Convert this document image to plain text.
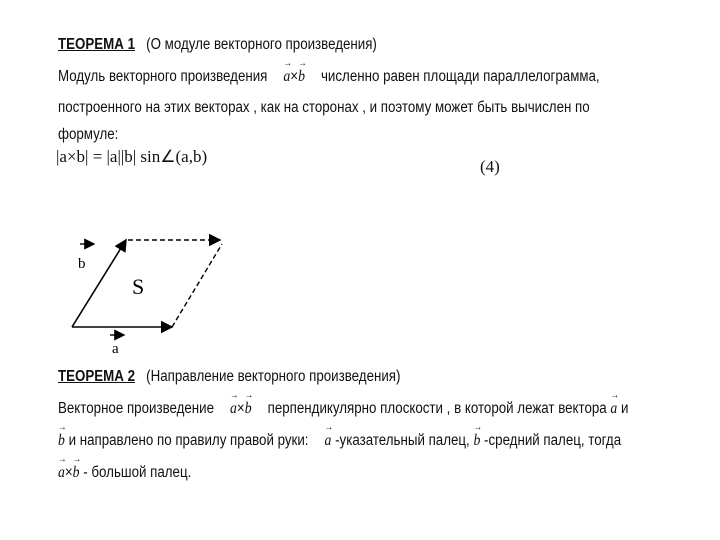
ТЕОРЕМА 1 (О модуле векторного произведения)
Модуль векторного произведения → a×→ b численно равен площади параллелограмма,
построенного на этих векторах , как на сторонах , и поэтому может быть вычислен по
формуле:
|a×b| = |a||b| sin∠(a,b)
(4)
b
a
S
ТЕОРЕМА 2 (Направление векторного произведения)
Векторное произведение → a×→ b перпендикулярно плоскости , в которой лежат вектора → a и
→ b и направлено по правилу правой руки: → a -указательный палец, → b -средний палец, тогда
→ a×→ b - большой палец.
